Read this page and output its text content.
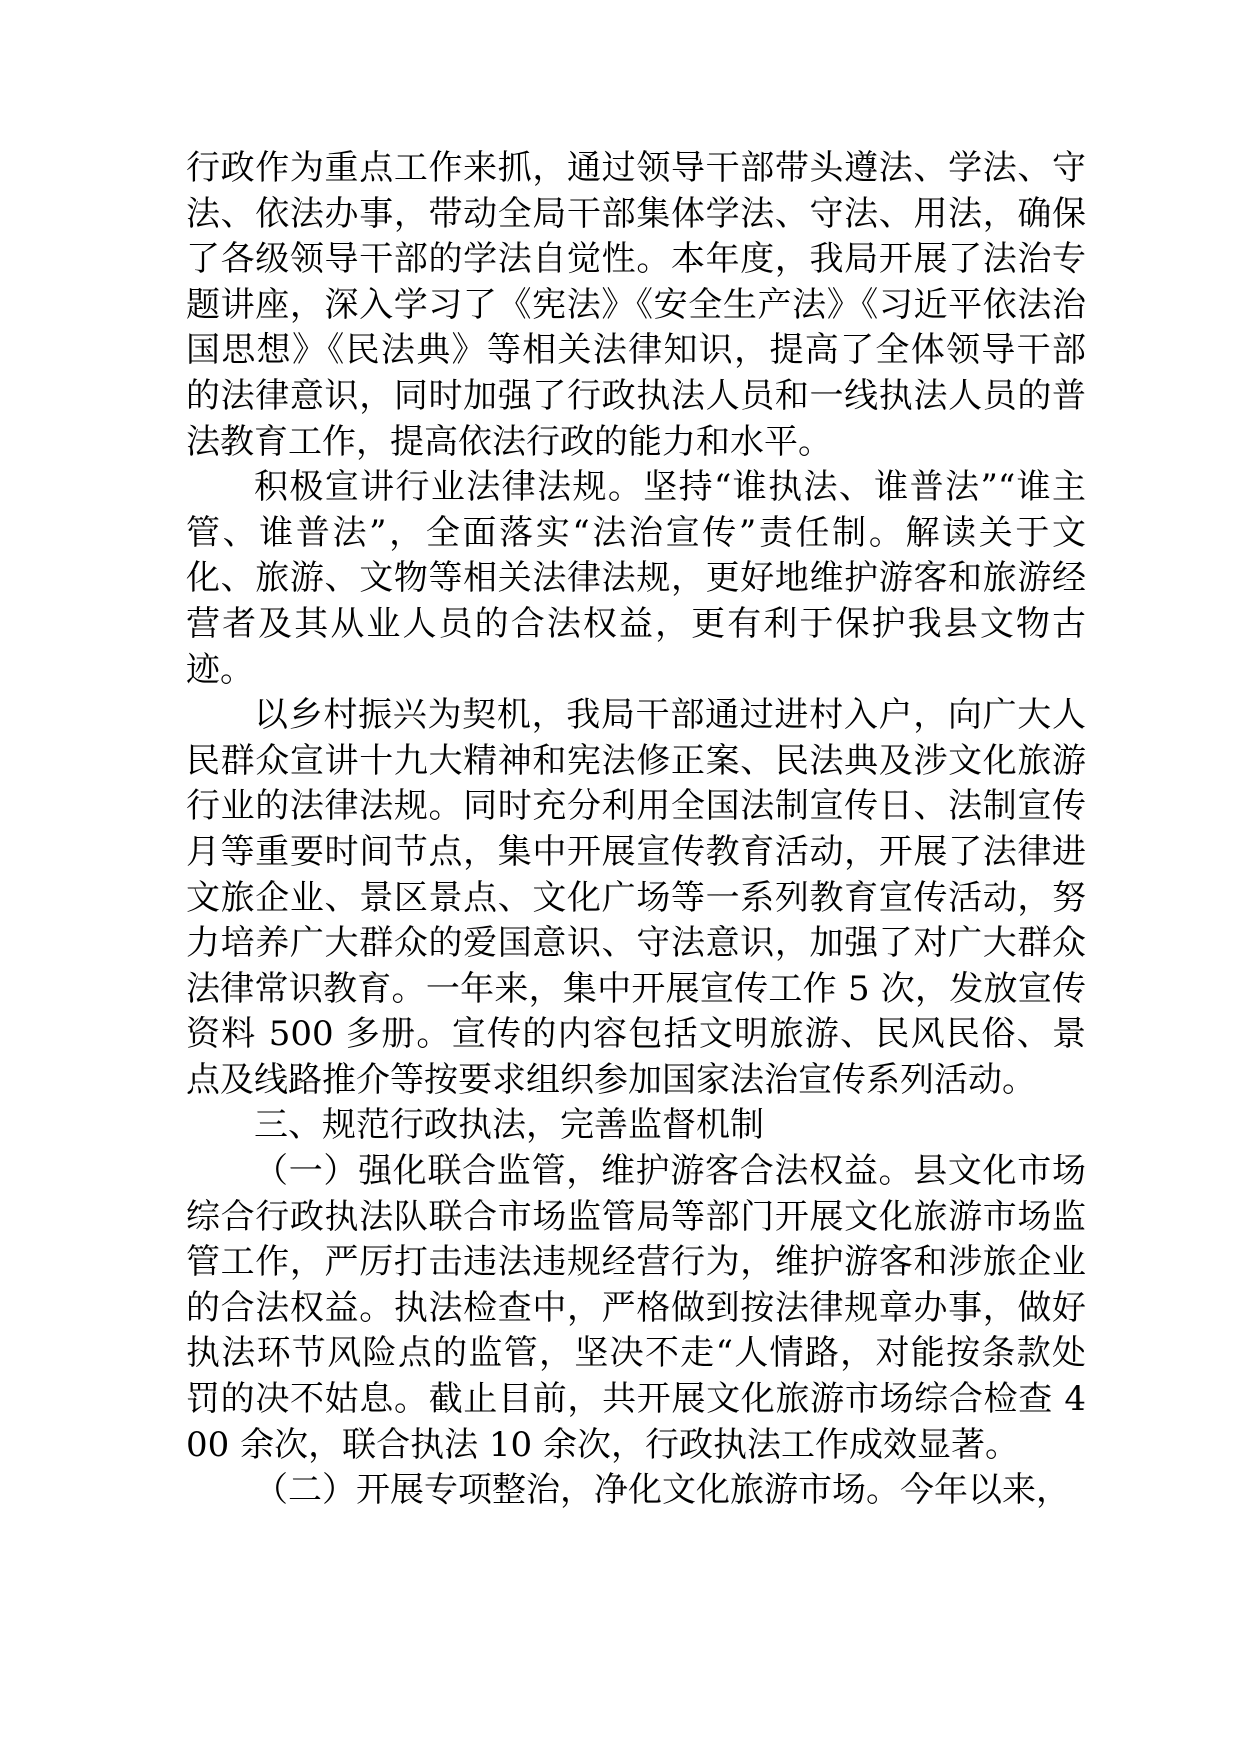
行政作为重点工作来抓，通过领导干部带头遵法、学法、守法、依法办事，带动全局干部集体学法、守法、用法，确保了各级领导干部的学法自觉性。本年度，我局开展了法治专题讲座，深入学习了《宪法》《安全生产法》《习近平依法治国思想》《民法典》等相关法律知识，提高了全体领导干部的法律意识，同时加强了行政执法人员和一线执法人员的普法教育工作，提高依法行政的能力和水平。

积极宣讲行业法律法规。坚持“谁执法、谁普法”“谁主管、谁普法”，全面落实“法治宣传”责任制。解读关于文化、旅游、文物等相关法律法规，更好地维护游客和旅游经营者及其从业人员的合法权益，更有利于保护我县文物古迹。

以乡村振兴为契机，我局干部通过进村入户，向广大人民群众宣讲十九大精神和宪法修正案、民法典及涉文化旅游行业的法律法规。同时充分利用全国法制宣传日、法制宣传月等重要时间节点，集中开展宣传教育活动，开展了法律进文旅企业、景区景点、文化广场等一系列教育宣传活动，努力培养广大群众的爱国意识、守法意识，加强了对广大群众法律常识教育。一年来，集中开展宣传工作 5 次，发放宣传资料 500 多册。宣传的内容包括文明旅游、民风民俗、景点及线路推介等按要求组织参加国家法治宣传系列活动。

三、规范行政执法，完善监督机制

（一）强化联合监管，维护游客合法权益。县文化市场综合行政执法队联合市场监管局等部门开展文化旅游市场监管工作，严厉打击违法违规经营行为，维护游客和涉旅企业的合法权益。执法检查中，严格做到按法律规章办事，做好执法环节风险点的监管，坚决不走“人情路，对能按条款处罚的决不姑息。截止目前，共开展文化旅游市场综合检查 400 余次，联合执法 10 余次，行政执法工作成效显著。

（二）开展专项整治，净化文化旅游市场。今年以来，
